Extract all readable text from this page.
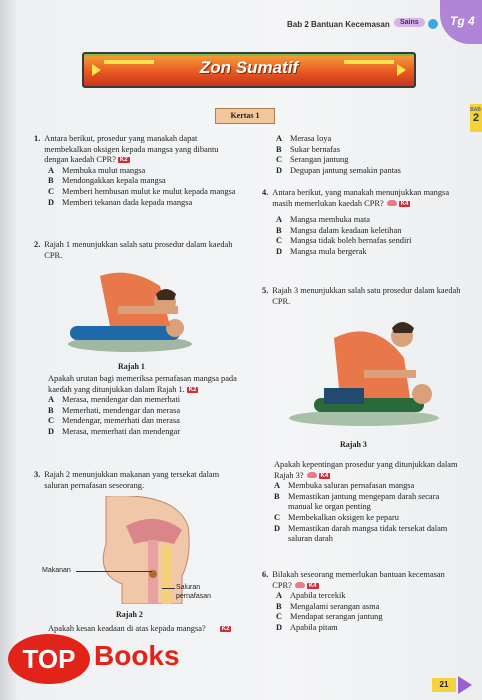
Bab 2 Bantuan Kecemasan	Sains	Tg 4
BAB
2
Zon Sumatif
Kertas 1
1. Antara berikut, prosedur yang manakah dapat membekalkan oksigen kepada mangsa yang dibantu dengan kaedah CPR? K2
A Membuka mulut mangsa
B	Mendongakkan kepala mangsa
C Memberi hembusan mulut ke mulut kepada mangsa
D Memberi tekanan dada kepada mangsa
2. Rajah 1 menunjukkan salah satu prosedur dalam kaedah CPR.
Rajah 1
Apakah urutan bagi memeriksa pernafasan mangsa pada kaedah yang ditunjukkan dalam Rajah 1. K2
A Merasa, mendengar dan memerhati
B	Memerhati, mendengar dan merasa
C Mendengar, memerhati dan merasa
D Merasa, memerhati dan mendengar
3. Rajah 2 menunjukkan makanan yang tersekat dalam saluran pernafasan seseorang.
Makanan
Saluran
pernafasan
Rajah 2
Apakah kesan keadaan di atas kepada mangsa?	K2
A Merasa loya
B	Sukar bernafas
C Serangan jantung
D Degupan jantung semakin pantas
4. Antara berikut, yang manakah menunjukkan mangsa masih memerlukan kaedah CPR?	K4
A Mangsa membuka mata
B	Mangsa dalam keadaan keletihan
C Mangsa tidak boleh bernafas sendiri
D Mangsa mula bergerak
5. Rajah 3 menunjukkan salah satu prosedur dalam kaedah CPR.
Rajah 3
Apakah kepentingan prosedur yang ditunjukkan dalam Rajah 3?	K4
A Membuka saluran pernafasan mangsa
B	Memastikan jantung mengepam darah secara manual ke organ penting
C Membekalkan oksigen ke peparu
D Memastikan darah mangsa tidak tersekat dalam saluran darah
6. Bilakah seseorang memerlukan bantuan kecemasan CPR?	K4
A Apabila tercekik
B	Mengalami serangan asma
C Mendapat serangan jantung
D Apabila pitam
TOP Books
21
